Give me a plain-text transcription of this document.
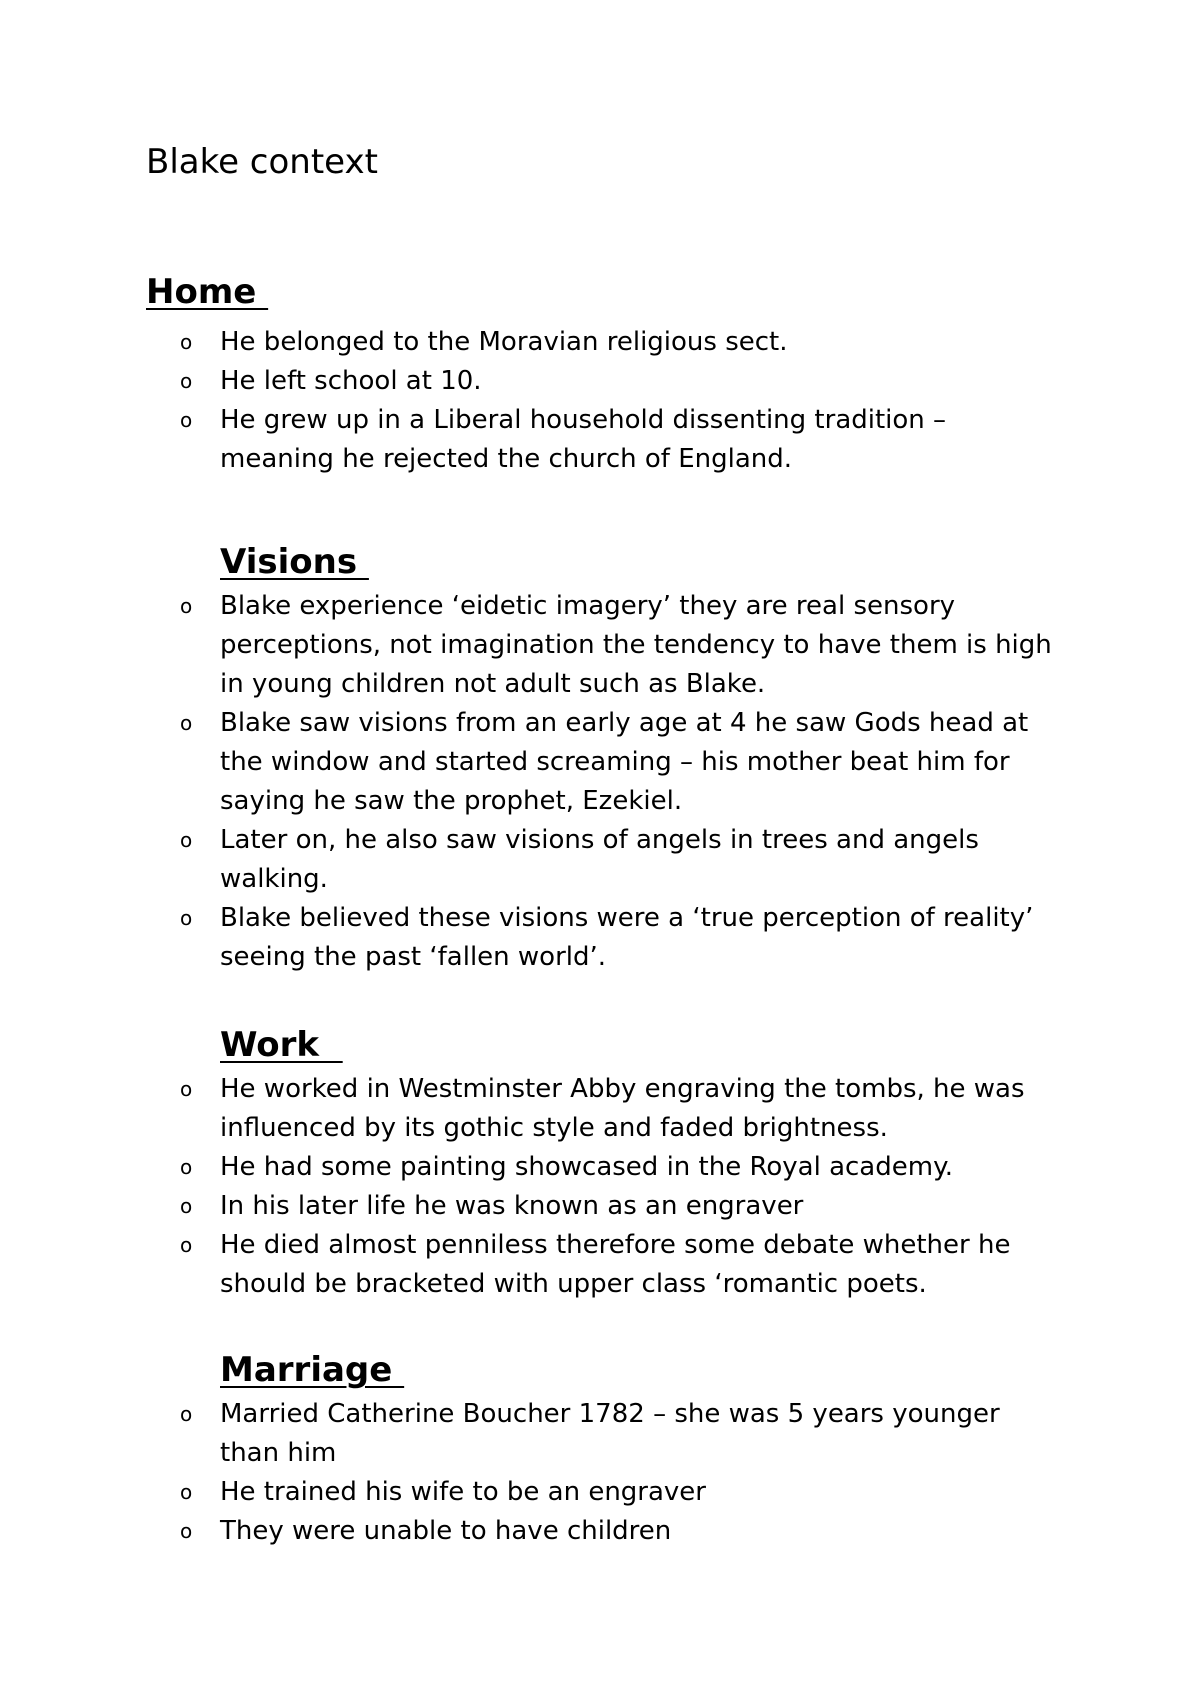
Blake context
Home
o He belonged to the Moravian religious sect.
o He left school at 10.
o He grew up in a Liberal household dissenting tradition – meaning he rejected the church of England.
Visions
o Blake experience ‘eidetic imagery’ they are real sensory perceptions, not imagination the tendency to have them is high in young children not adult such as Blake.
o Blake saw visions from an early age at 4 he saw Gods head at the window and started screaming – his mother beat him for saying he saw the prophet, Ezekiel.
o Later on, he also saw visions of angels in trees and angels walking.
o Blake believed these visions were a ‘true perception of reality’ seeing the past ‘fallen world’.
Work
o He worked in Westminster Abby engraving the tombs, he was influenced by its gothic style and faded brightness.
o He had some painting showcased in the Royal academy.
o In his later life he was known as an engraver
o He died almost penniless therefore some debate whether he should be bracketed with upper class ‘romantic poets.
Marriage
o Married Catherine Boucher 1782 – she was 5 years younger than him
o He trained his wife to be an engraver
o They were unable to have children
